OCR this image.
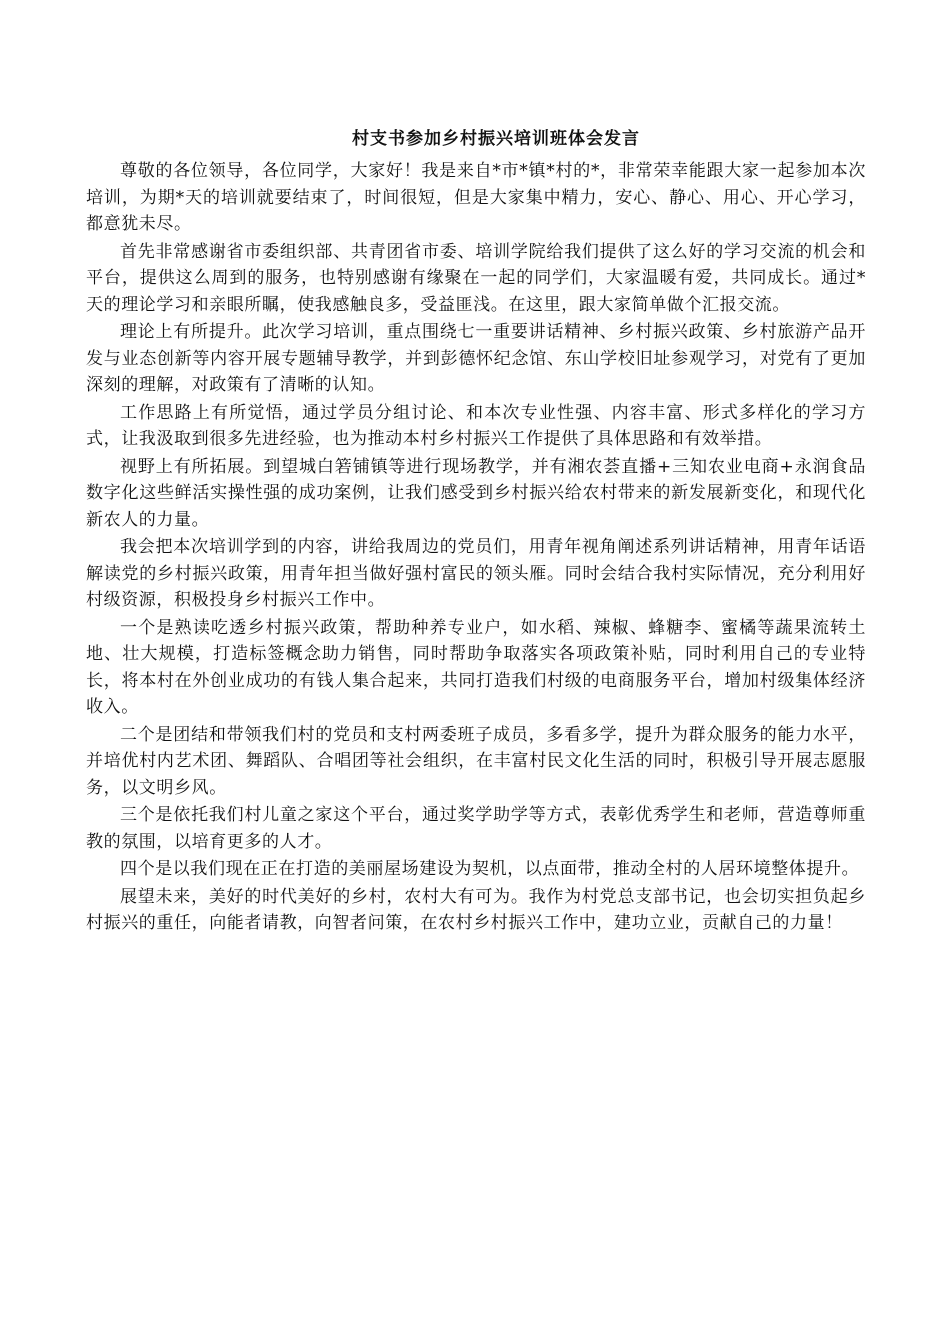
村支书参加乡村振兴培训班体会发言

尊敬的各位领导，各位同学，大家好！我是来自*市*镇*村的*，非常荣幸能跟大家一起参加本次培训，为期*天的培训就要结束了，时间很短，但是大家集中精力，安心、静心、用心、开心学习，都意犹未尽。

首先非常感谢省市委组织部、共青团省市委、培训学院给我们提供了这么好的学习交流的机会和平台，提供这么周到的服务，也特别感谢有缘聚在一起的同学们，大家温暖有爱，共同成长。通过*天的理论学习和亲眼所瞩，使我感触良多，受益匪浅。在这里，跟大家简单做个汇报交流。

理论上有所提升。此次学习培训，重点围绕七一重要讲话精神、乡村振兴政策、乡村旅游产品开发与业态创新等内容开展专题辅导教学，并到彭德怀纪念馆、东山学校旧址参观学习，对党有了更加深刻的理解，对政策有了清晰的认知。

工作思路上有所觉悟，通过学员分组讨论、和本次专业性强、内容丰富、形式多样化的学习方式，让我汲取到很多先进经验，也为推动本村乡村振兴工作提供了具体思路和有效举措。

视野上有所拓展。到望城白箬铺镇等进行现场教学，并有湘农荟直播+三知农业电商+永润食品数字化这些鲜活实操性强的成功案例，让我们感受到乡村振兴给农村带来的新发展新变化，和现代化新农人的力量。

我会把本次培训学到的内容，讲给我周边的党员们，用青年视角阐述系列讲话精神，用青年话语解读党的乡村振兴政策，用青年担当做好强村富民的领头雁。同时会结合我村实际情况，充分利用好村级资源，积极投身乡村振兴工作中。

一个是熟读吃透乡村振兴政策，帮助种养专业户，如水稻、辣椒、蜂糖李、蜜橘等蔬果流转土地、壮大规模，打造标签概念助力销售，同时帮助争取落实各项政策补贴，同时利用自己的专业特长，将本村在外创业成功的有钱人集合起来，共同打造我们村级的电商服务平台，增加村级集体经济收入。

二个是团结和带领我们村的党员和支村两委班子成员，多看多学，提升为群众服务的能力水平，并培优村内艺术团、舞蹈队、合唱团等社会组织，在丰富村民文化生活的同时，积极引导开展志愿服务，以文明乡风。

三个是依托我们村儿童之家这个平台，通过奖学助学等方式，表彰优秀学生和老师，营造尊师重教的氛围，以培育更多的人才。

四个是以我们现在正在打造的美丽屋场建设为契机，以点面带，推动全村的人居环境整体提升。

展望未来，美好的时代美好的乡村，农村大有可为。我作为村党总支部书记，也会切实担负起乡村振兴的重任，向能者请教，向智者问策，在农村乡村振兴工作中，建功立业，贡献自己的力量！
